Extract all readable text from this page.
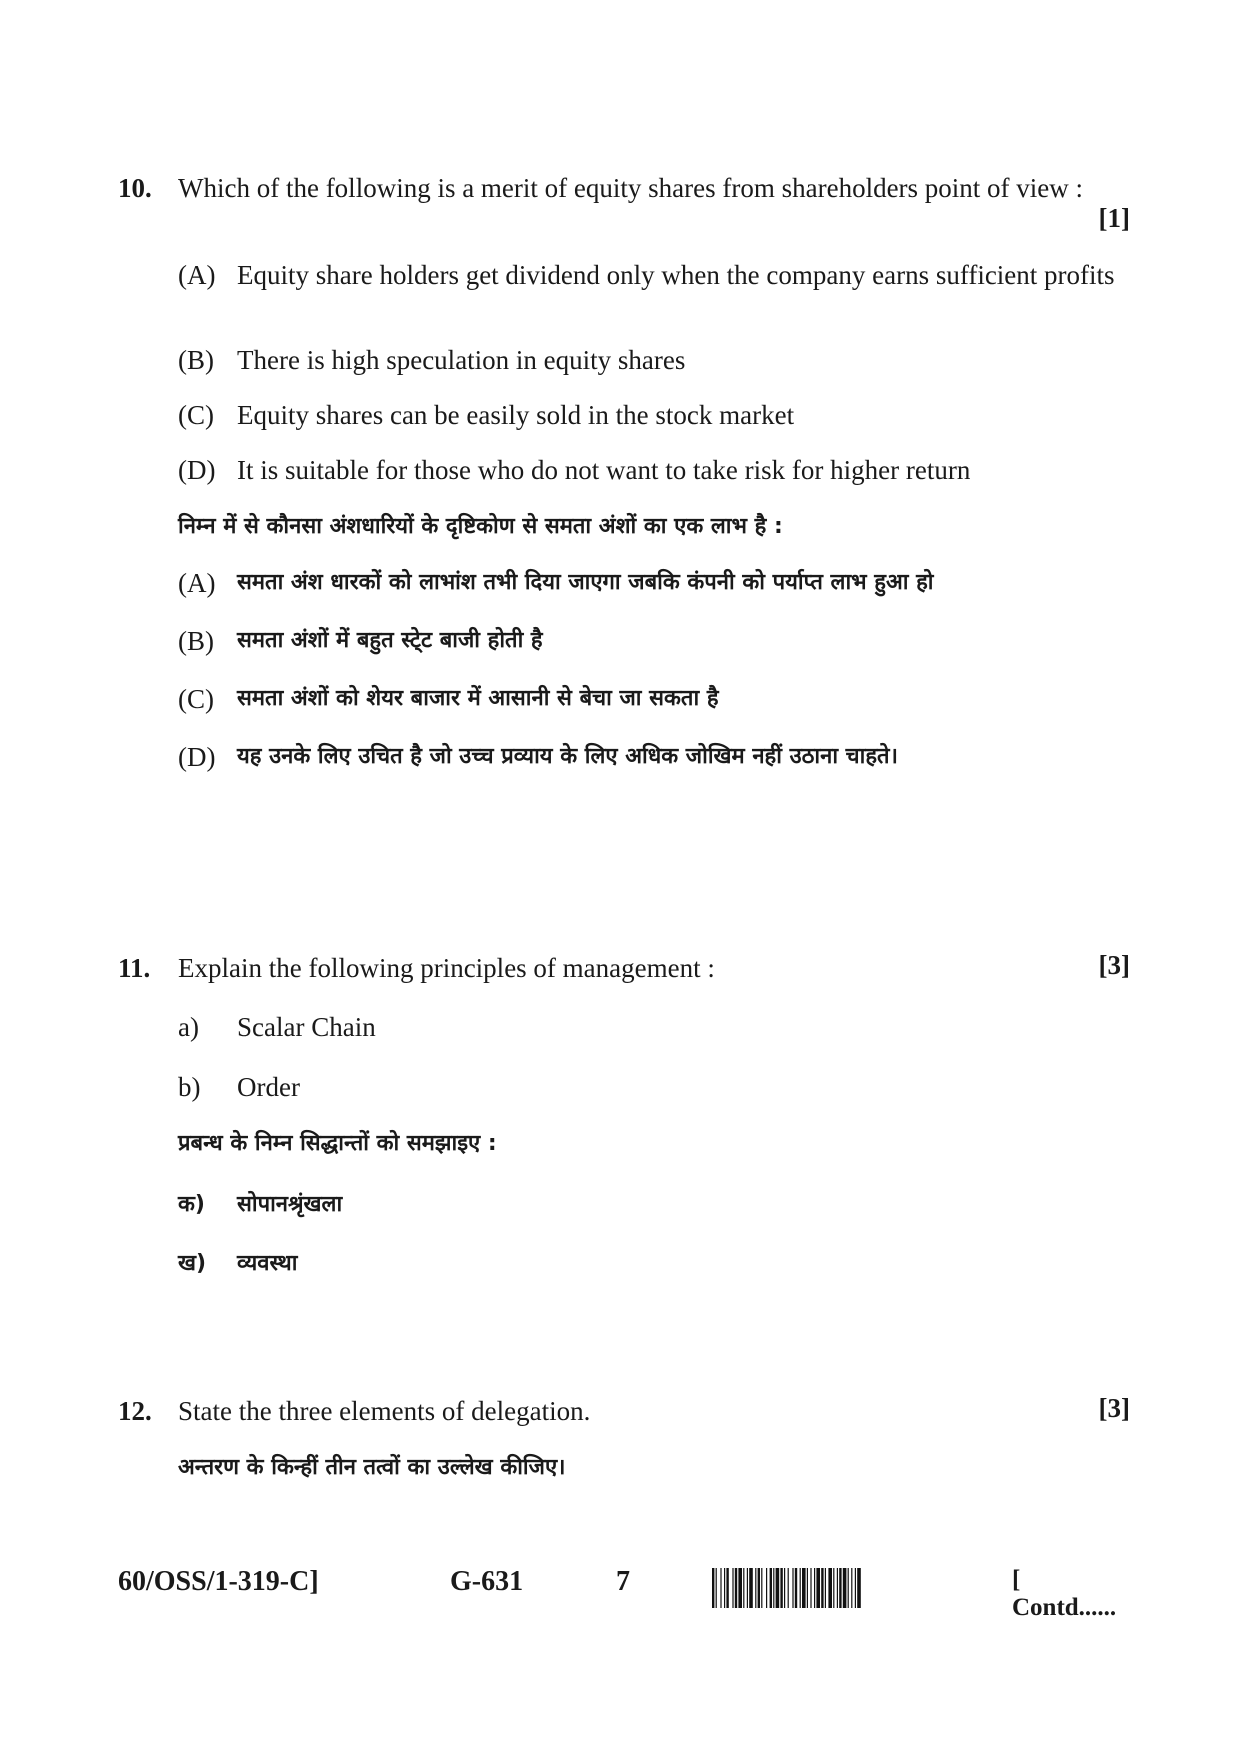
10. Which of the following is a merit of equity shares from shareholders point of view :
[1]
(A) Equity share holders get dividend only when the company earns sufficient profits
(B) There is high speculation in equity shares
(C) Equity shares can be easily sold in the stock market
(D) It is suitable for those who do not want to take risk for higher return
निम्न में से कौनसा अंशधारियों के दृष्टिकोण से समता अंशों का एक लाभ है :
(A) समता अंश धारकों को लाभांश तभी दिया जाएगा जबकि कंपनी को पर्याप्त लाभ हुआ हो
(B) समता अंशों में बहुत स्टे्ट बाजी होती है
(C) समता अंशों को शेयर बाजार में आसानी से बेचा जा सकता है
(D) यह उनके लिए उचित है जो उच्च प्रव्याय के लिए अधिक जोखिम नहीं उठाना चाहते।
11. Explain the following principles of management :	[3]
a) Scalar Chain
b) Order
प्रबन्ध के निम्न सिद्धान्तों को समझाइए :
क) सोपानश्रृंखला
ख) व्यवस्था
12. State the three elements of delegation.	[3]
अन्तरण के किन्हीं तीन तत्वों का उल्लेख कीजिए।
60/OSS/1-319-C]	G-631	7	[ Contd......
